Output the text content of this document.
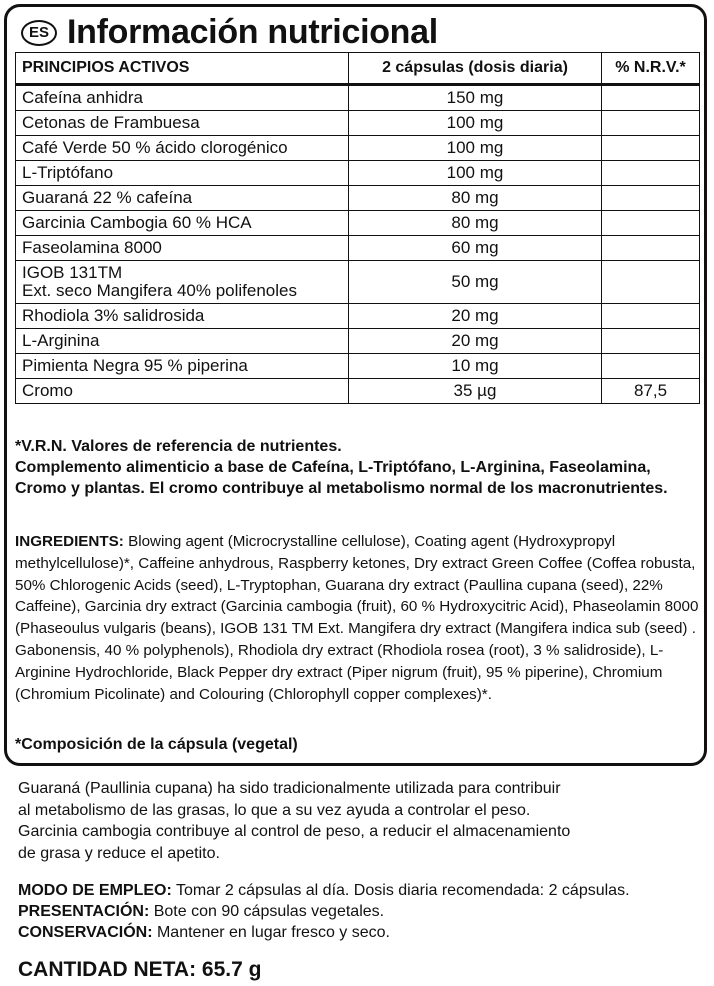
ES Información nutricional
PRINCIPIOS ACTIVOS	2 cápsulas (dosis diaria)	% N.R.V.*
Cafeína anhidra	150 mg	
Cetonas de Frambuesa	100 mg	
Café Verde 50 % ácido clorogénico	100 mg	
L-Triptófano	100 mg	
Guaraná 22 % cafeína	80 mg	
Garcinia Cambogia 60 % HCA	80 mg	
Faseolamina 8000	60 mg	

IGOB 131TM
Ext. seco Mangifera 40% polifenoles	50 mg	
Rhodiola 3% salidrosida	20 mg	
L-Arginina	20 mg	
Pimienta Negra 95 % piperina	10 mg	
Cromo	35 µg	87,5
*V.R.N. Valores de referencia de nutrientes.
Complemento alimenticio a base de Cafeína, L-Triptófano, L-Arginina, Faseolamina, Cromo y plantas. El cromo contribuye al metabolismo normal de los macronutrientes.
INGREDIENTS: Blowing agent (Microcrystalline cellulose), Coating agent (Hydroxypropyl methylcellulose)*, Caffeine anhydrous, Raspberry ketones, Dry extract Green Coffee (Coffea robusta, 50% Chlorogenic Acids (seed), L-Tryptophan, Guarana dry extract (Paullina cupana (seed), 22% Caffeine), Garcinia dry extract (Garcinia cambogia (fruit), 60 % Hydroxycitric Acid), Phaseolamin 8000 (Phaseoulus vulgaris (beans), IGOB 131 TM Ext. Mangifera dry extract (Mangifera indica sub (seed) . Gabonensis, 40 % polyphenols), Rhodiola dry extract (Rhodiola rosea (root), 3 % salidroside), L-Arginine Hydrochloride, Black Pepper dry extract (Piper nigrum (fruit), 95 % piperine), Chromium (Chromium Picolinate) and Colouring (Chlorophyll copper complexes)*.
*Composición de la cápsula (vegetal)
Guaraná (Paullinia cupana) ha sido tradicionalmente utilizada para contribuir
al metabolismo de las grasas, lo que a su vez ayuda a controlar el peso.
Garcinia cambogia contribuye al control de peso, a reducir el almacenamiento
de grasa y reduce el apetito.
MODO DE EMPLEO: Tomar 2 cápsulas al día. Dosis diaria recomendada: 2 cápsulas.
PRESENTACIÓN: Bote con 90 cápsulas vegetales.
CONSERVACIÓN: Mantener en lugar fresco y seco.
CANTIDAD NETA: 65.7 g
